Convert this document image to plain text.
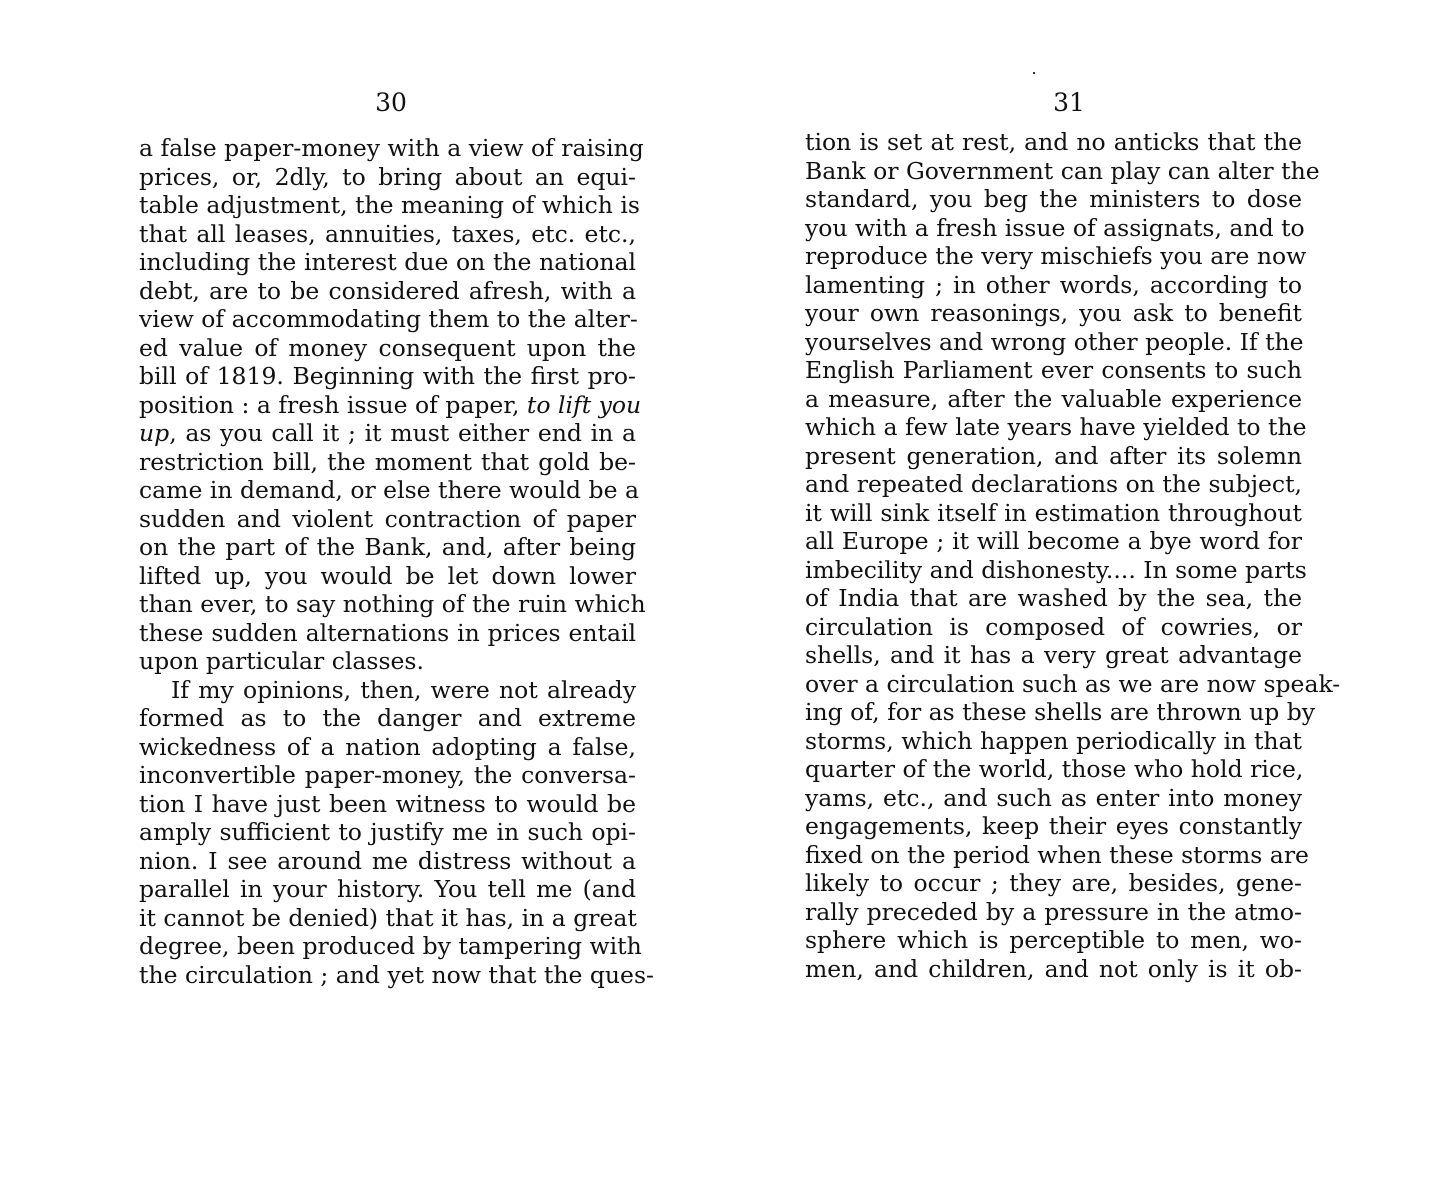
30
a false paper-money with a view of raising
prices, or, 2dly, to bring about an equi-
table adjustment, the meaning of which is
that all leases, annuities, taxes, etc. etc.,
including the interest due on the national
debt, are to be considered afresh, with a
view of accommodating them to the alter-
ed value of money consequent upon the
bill of 1819. Beginning with the first pro-
position : a fresh issue of paper, to lift you
up, as you call it ; it must either end in a
restriction bill, the moment that gold be-
came in demand, or else there would be a
sudden and violent contraction of paper
on the part of the Bank, and, after being
lifted up, you would be let down lower
than ever, to say nothing of the ruin which
these sudden alternations in prices entail
upon particular classes.
If my opinions, then, were not already
formed as to the danger and extreme
wickedness of a nation adopting a false,
inconvertible paper-money, the conversa-
tion I have just been witness to would be
amply sufficient to justify me in such opi-
nion. I see around me distress without a
parallel in your history. You tell me (and
it cannot be denied) that it has, in a great
degree, been produced by tampering with
the circulation ; and yet now that the ques-
31
tion is set at rest, and no anticks that the
Bank or Government can play can alter the
standard, you beg the ministers to dose
you with a fresh issue of assignats, and to
reproduce the very mischiefs you are now
lamenting ; in other words, according to
your own reasonings, you ask to benefit
yourselves and wrong other people. If the
English Parliament ever consents to such
a measure, after the valuable experience
which a few late years have yielded to the
present generation, and after its solemn
and repeated declarations on the subject,
it will sink itself in estimation throughout
all Europe ; it will become a bye word for
imbecility and dishonesty.... In some parts
of India that are washed by the sea, the
circulation is composed of cowries, or
shells, and it has a very great advantage
over a circulation such as we are now speak-
ing of, for as these shells are thrown up by
storms, which happen periodically in that
quarter of the world, those who hold rice,
yams, etc., and such as enter into money
engagements, keep their eyes constantly
fixed on the period when these storms are
likely to occur ; they are, besides, gene-
rally preceded by a pressure in the atmo-
sphere which is perceptible to men, wo-
men, and children, and not only is it ob-
